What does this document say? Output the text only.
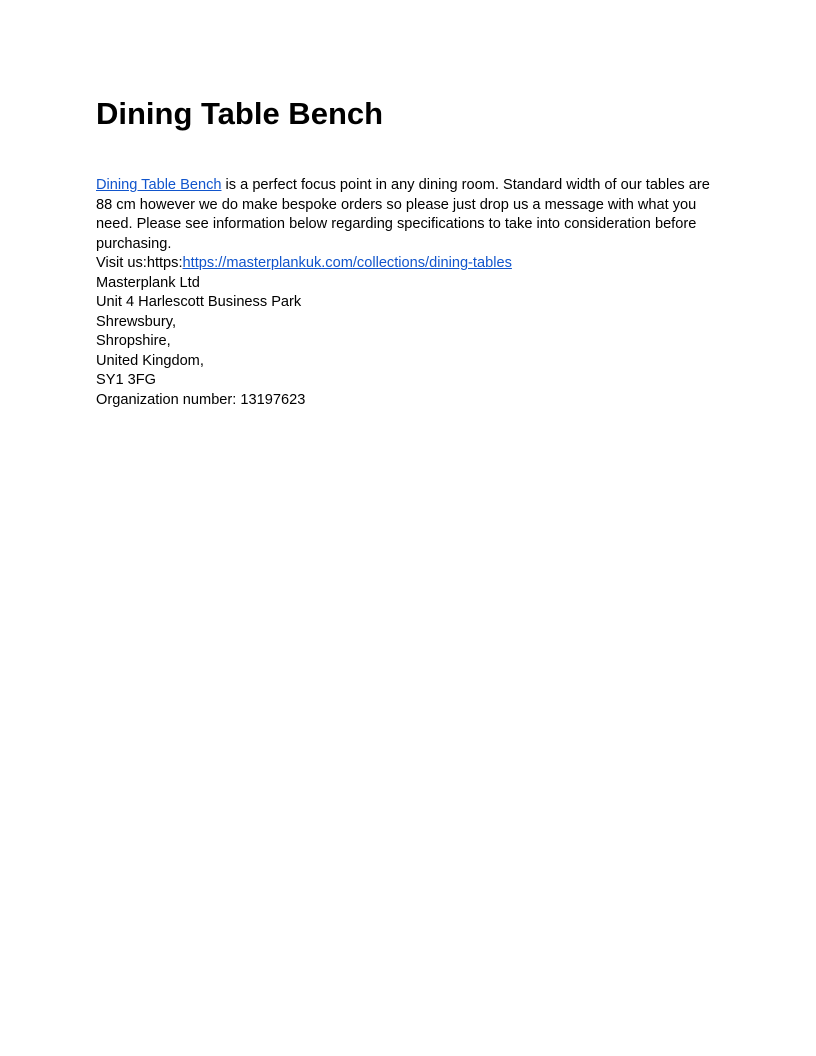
Dining Table Bench

Dining Table Bench is a perfect focus point in any dining room. Standard width of our tables are 88 cm however we do make bespoke orders so please just drop us a message with what you need. Please see information below regarding specifications to take into consideration before purchasing.

Visit us:https:https://masterplankuk.com/collections/dining-tables

Masterplank Ltd

Unit 4 Harlescott Business Park

Shrewsbury,

Shropshire,

United Kingdom,

SY1 3FG

Organization number: 13197623
